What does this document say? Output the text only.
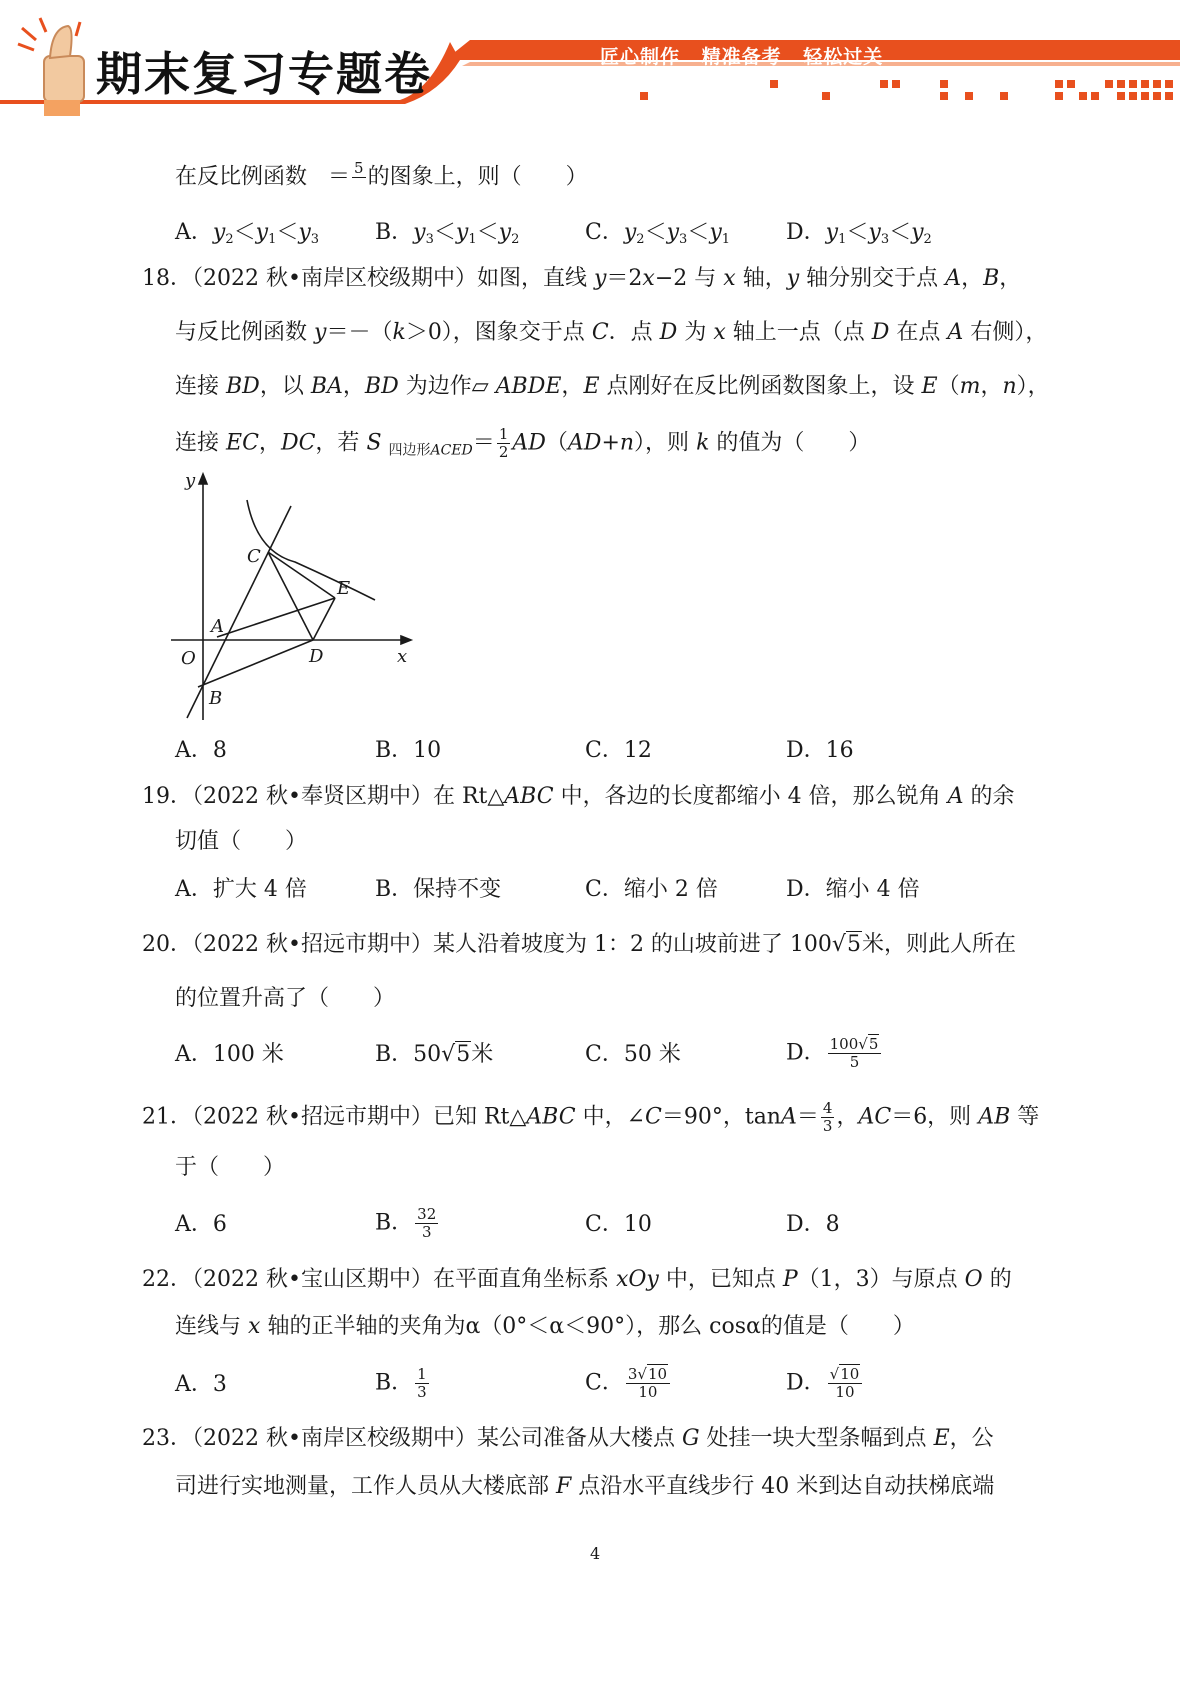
期末复习专题卷	匠心制作 精准备考 轻松过关
在反比例函数 ＝ 5
的图象上，则（　　）
A．$y_2<y_1<y_3$	B．$y_3<y_1<y_2$	C．$y_2<y_3<y_1$	D．$y_1<y_3<y_2$
18．（2022 秋•南岸区校级期中）如图，直线 y＝2x−2 与 x 轴，y 轴分别交于点 A，B，
与反比例函数 y＝－（k＞0），图象交于点 C．点 D 为 x 轴上一点（点 D 在点 A 右侧），
连接 BD，以 BA，BD 为边作▱ ABDE，E 点刚好在反比例函数图象上，设 E（m，n），
连接 EC，DC，若 S $_{四边形ACED}= \frac{1}{2} AD(AD+n)$，则 k 的值为（　　）
y
x
O
A
B
C
D
E
A．8	B．10	C．12	D．16
19．（2022 秋•奉贤区期中）在 Rt△ABC 中，各边的长度都缩小 4 倍，那么锐角 A 的余
切值（　　）
A．扩大 4 倍	B．保持不变	C．缩小 2 倍	D．缩小 4 倍
20．（2022 秋•招远市期中）某人沿着坡度为 1：2 的山坡前进了 100√5米，则此人所在
的位置升高了（　　）
A．100 米	B．50√5米	C．50 米	D． $\frac{100√5}{5}$
21．（2022 秋•招远市期中）已知 Rt△ABC 中，∠C＝90°，$\tan A= \frac{4}{3}$ ，AC＝6，则 AB 等
于（　　）
A．6	B． $\frac{32}{3}$	C．10	D．8
22．（2022 秋•宝山区期中）在平面直角坐标系 xOy 中，已知点 P（1，3）与原点 O 的
连线与 x 轴的正半轴的夹角为α（0°＜α＜90°），那么 cosα的值是（　　）
A．3	B． $\frac{1}{3}$	C． $\frac{3√10}{10}$	D． $\frac{√10}{10}$
23．（2022 秋•南岸区校级期中）某公司准备从大楼点 G 处挂一块大型条幅到点 E，公
司进行实地测量，工作人员从大楼底部 F 点沿水平直线步行 40 米到达自动扶梯底端
4
